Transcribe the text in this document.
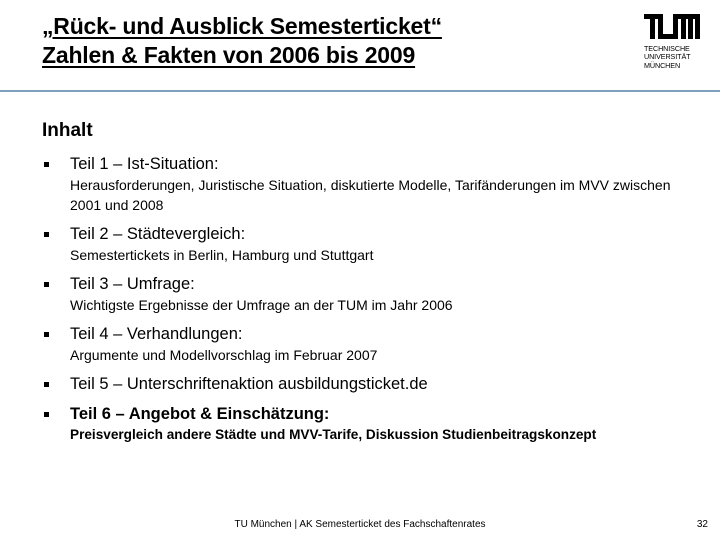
„Rück- und Ausblick Semesterticket“
Zahlen & Fakten von 2006 bis 2009	TECHNISCHE
UNIVERSITÄT
MÜNCHEN
Inhalt
Teil 1 – Ist-Situation:
Herausforderungen, Juristische Situation, diskutierte Modelle, Tarifänderungen im MVV zwischen 2001 und 2008
Teil 2 – Städtevergleich:
Semestertickets in Berlin, Hamburg und Stuttgart
Teil 3 – Umfrage:
Wichtigste Ergebnisse der Umfrage an der TUM im Jahr 2006
Teil 4 – Verhandlungen:
Argumente und Modellvorschlag im Februar 2007
Teil 5 – Unterschriftenaktion ausbildungsticket.de
Teil 6 – Angebot & Einschätzung:
Preisvergleich andere Städte und MVV-Tarife, Diskussion Studienbeitragskonzept
TU München | AK Semesterticket des Fachschaftenrates	32
